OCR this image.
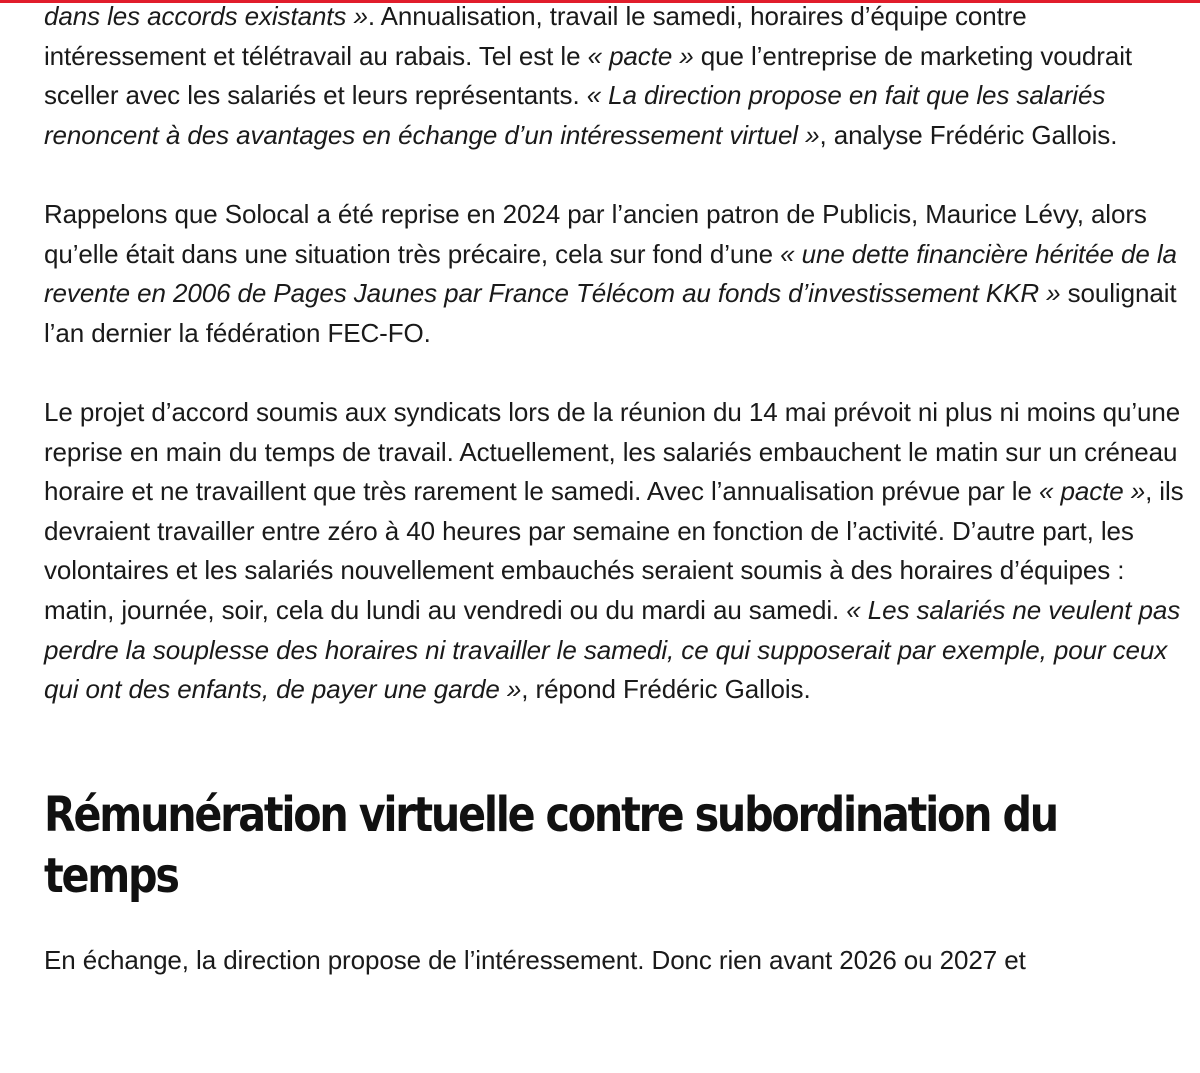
dans les accords existants ». Annualisation, travail le samedi, horaires d’équipe contre intéressement et télétravail au rabais. Tel est le « pacte » que l’entreprise de marketing voudrait sceller avec les salariés et leurs représentants. « La direction propose en fait que les salariés renoncent à des avantages en échange d’un intéressement virtuel », analyse Frédéric Gallois.

Rappelons que Solocal a été reprise en 2024 par l’ancien patron de Publicis, Maurice Lévy, alors qu’elle était dans une situation très précaire, cela sur fond d’une « une dette financière héritée de la revente en 2006 de Pages Jaunes par France Télécom au fonds d’investissement KKR » soulignait l’an dernier la fédération FEC-FO.

Le projet d’accord soumis aux syndicats lors de la réunion du 14 mai prévoit ni plus ni moins qu’une reprise en main du temps de travail. Actuellement, les salariés embauchent le matin sur un créneau horaire et ne travaillent que très rarement le samedi. Avec l’annualisation prévue par le « pacte », ils devraient travailler entre zéro à 40 heures par semaine en fonction de l’activité. D’autre part, les volontaires et les salariés nouvellement embauchés seraient soumis à des horaires d’équipes : matin, journée, soir, cela du lundi au vendredi ou du mardi au samedi. « Les salariés ne veulent pas perdre la souplesse des horaires ni travailler le samedi, ce qui supposerait par exemple, pour ceux qui ont des enfants, de payer une garde », répond Frédéric Gallois.

Rémunération virtuelle contre subordination du temps

En échange, la direction propose de l’intéressement. Donc rien avant 2026 ou 2027 et
